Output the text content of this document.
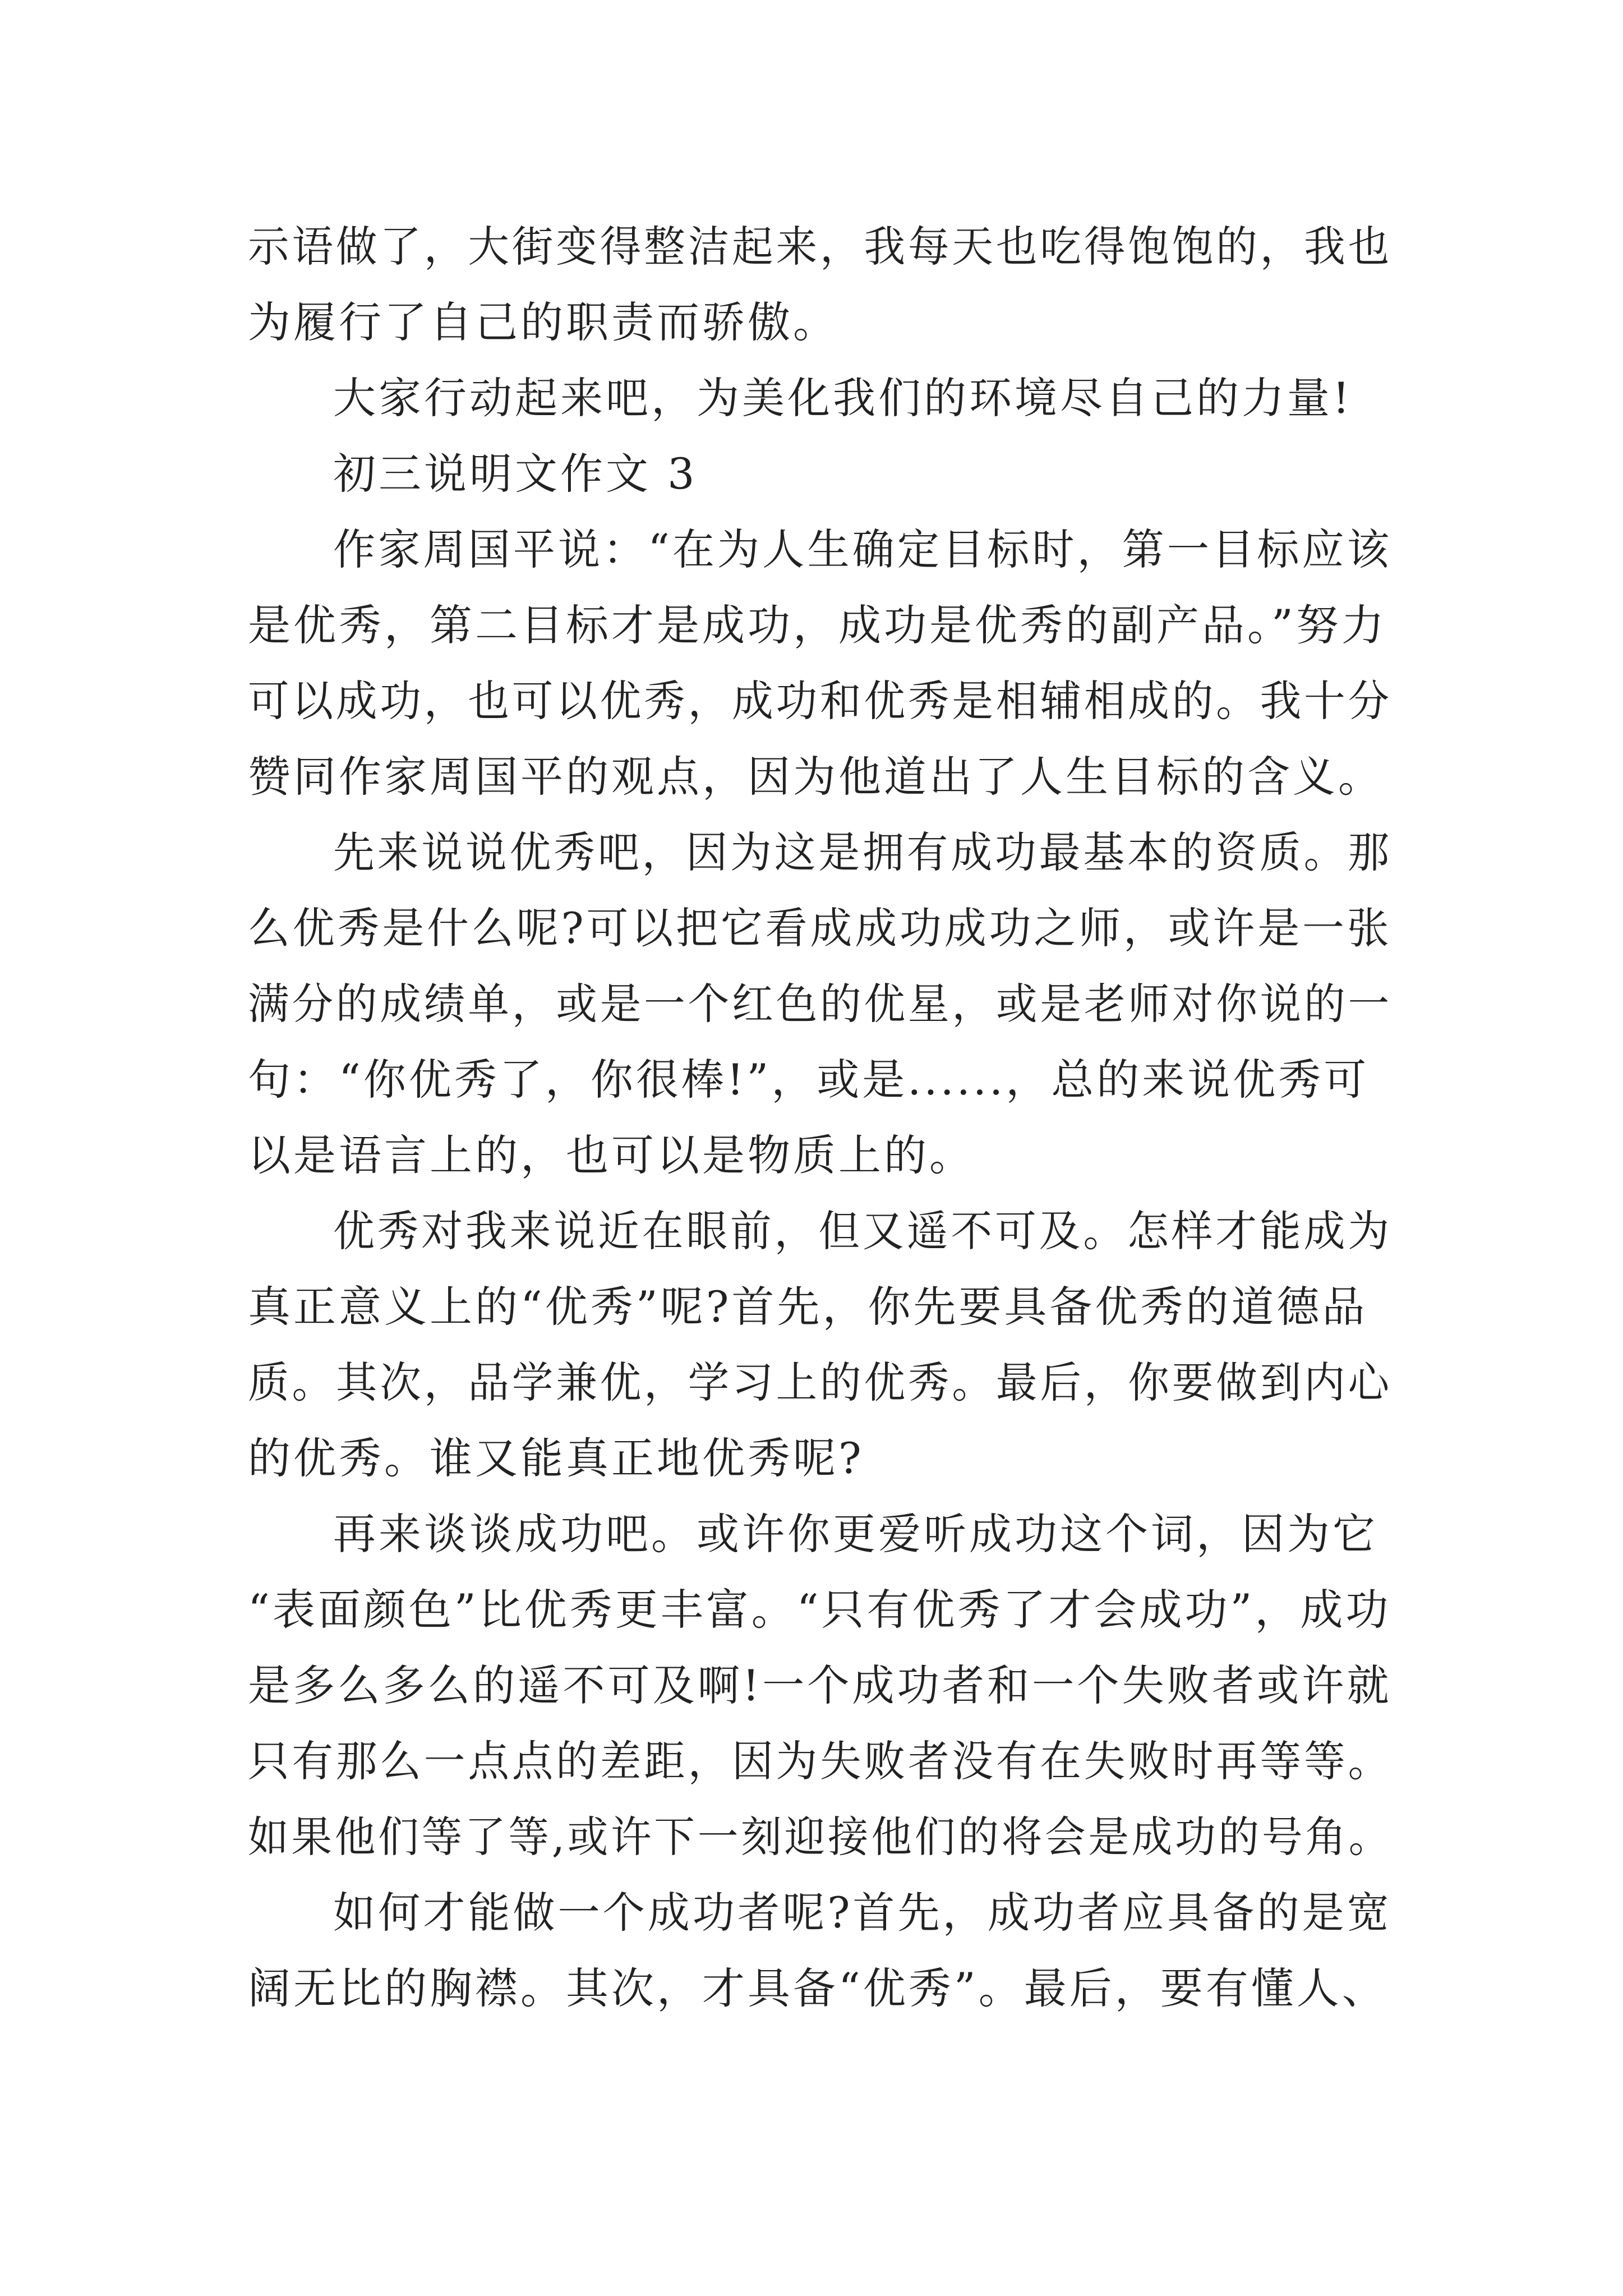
示语做了，大街变得整洁起来，我每天也吃得饱饱的，我也
为履行了自己的职责而骄傲。
大家行动起来吧，为美化我们的环境尽自己的力量!
初三说明文作文 3
作家周国平说：“在为人生确定目标时，第一目标应该
是优秀，第二目标才是成功，成功是优秀的副产品。”努力
可以成功，也可以优秀，成功和优秀是相辅相成的。我十分
赞同作家周国平的观点，因为他道出了人生目标的含义。
先来说说优秀吧，因为这是拥有成功最基本的资质。那
么优秀是什么呢?可以把它看成成功成功之师，或许是一张
满分的成绩单，或是一个红色的优星，或是老师对你说的一
句：“你优秀了，你很棒!”，或是......，总的来说优秀可
以是语言上的，也可以是物质上的。
优秀对我来说近在眼前，但又遥不可及。怎样才能成为
真正意义上的“优秀”呢?首先，你先要具备优秀的道德品
质。其次，品学兼优，学习上的优秀。最后，你要做到内心
的优秀。谁又能真正地优秀呢?
再来谈谈成功吧。或许你更爱听成功这个词，因为它
“表面颜色”比优秀更丰富。“只有优秀了才会成功”，成功
是多么多么的遥不可及啊!一个成功者和一个失败者或许就
只有那么一点点的差距，因为失败者没有在失败时再等等。
如果他们等了等,或许下一刻迎接他们的将会是成功的号角。
如何才能做一个成功者呢?首先，成功者应具备的是宽
阔无比的胸襟。其次，才具备“优秀”。最后，要有懂人、
